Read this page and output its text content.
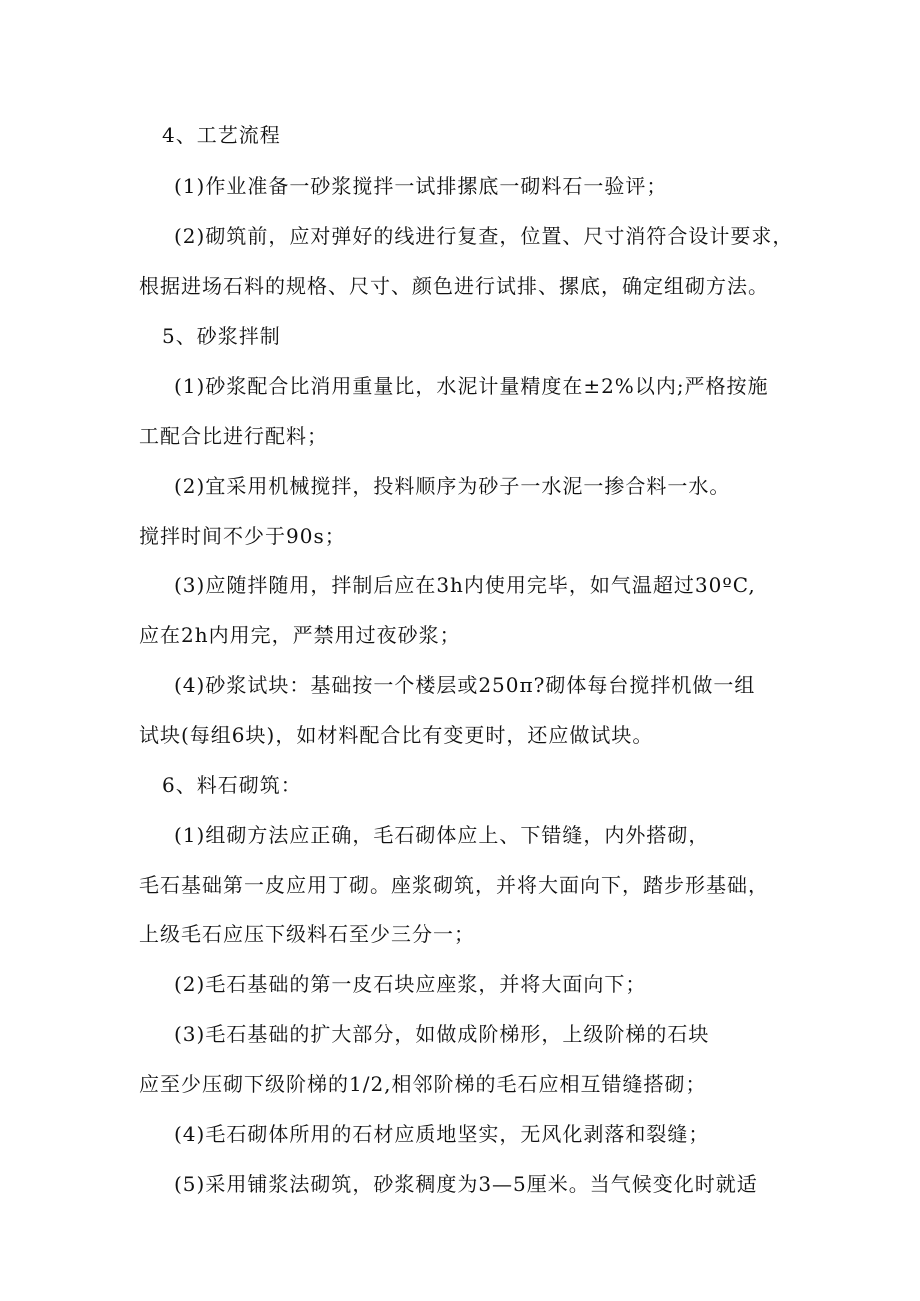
4、工艺流程
(1)作业准备一砂浆搅拌一试排摞底一砌料石一验评；
(2)砌筑前，应对弹好的线进行复查，位置、尺寸消符合设计要求，
根据进场石料的规格、尺寸、颜色进行试排、摞底，确定组砌方法。
5、砂浆拌制
(1)砂浆配合比消用重量比，水泥计量精度在±2%以内;严格按施
工配合比进行配料；
(2)宜采用机械搅拌，投料顺序为砂子一水泥一掺合料一水。
搅拌时间不少于90s；
(3)应随拌随用，拌制后应在3h内使用完毕，如气温超过30ºC,
应在2h内用完，严禁用过夜砂浆；
(4)砂浆试块：基础按一个楼层或250π?砌体每台搅拌机做一组
试块(每组6块)，如材料配合比有变更时，还应做试块。
6、料石砌筑：
(1)组砌方法应正确，毛石砌体应上、下错缝，内外搭砌，
毛石基础第一皮应用丁砌。座浆砌筑，并将大面向下，踏步形基础，
上级毛石应压下级料石至少三分一；
(2)毛石基础的第一皮石块应座浆，并将大面向下；
(3)毛石基础的扩大部分，如做成阶梯形，上级阶梯的石块
应至少压砌下级阶梯的1/2,相邻阶梯的毛石应相互错缝搭砌；
(4)毛石砌体所用的石材应质地坚实，无风化剥落和裂缝；
(5)采用铺浆法砌筑，砂浆稠度为3—5厘米。当气候变化时就适
